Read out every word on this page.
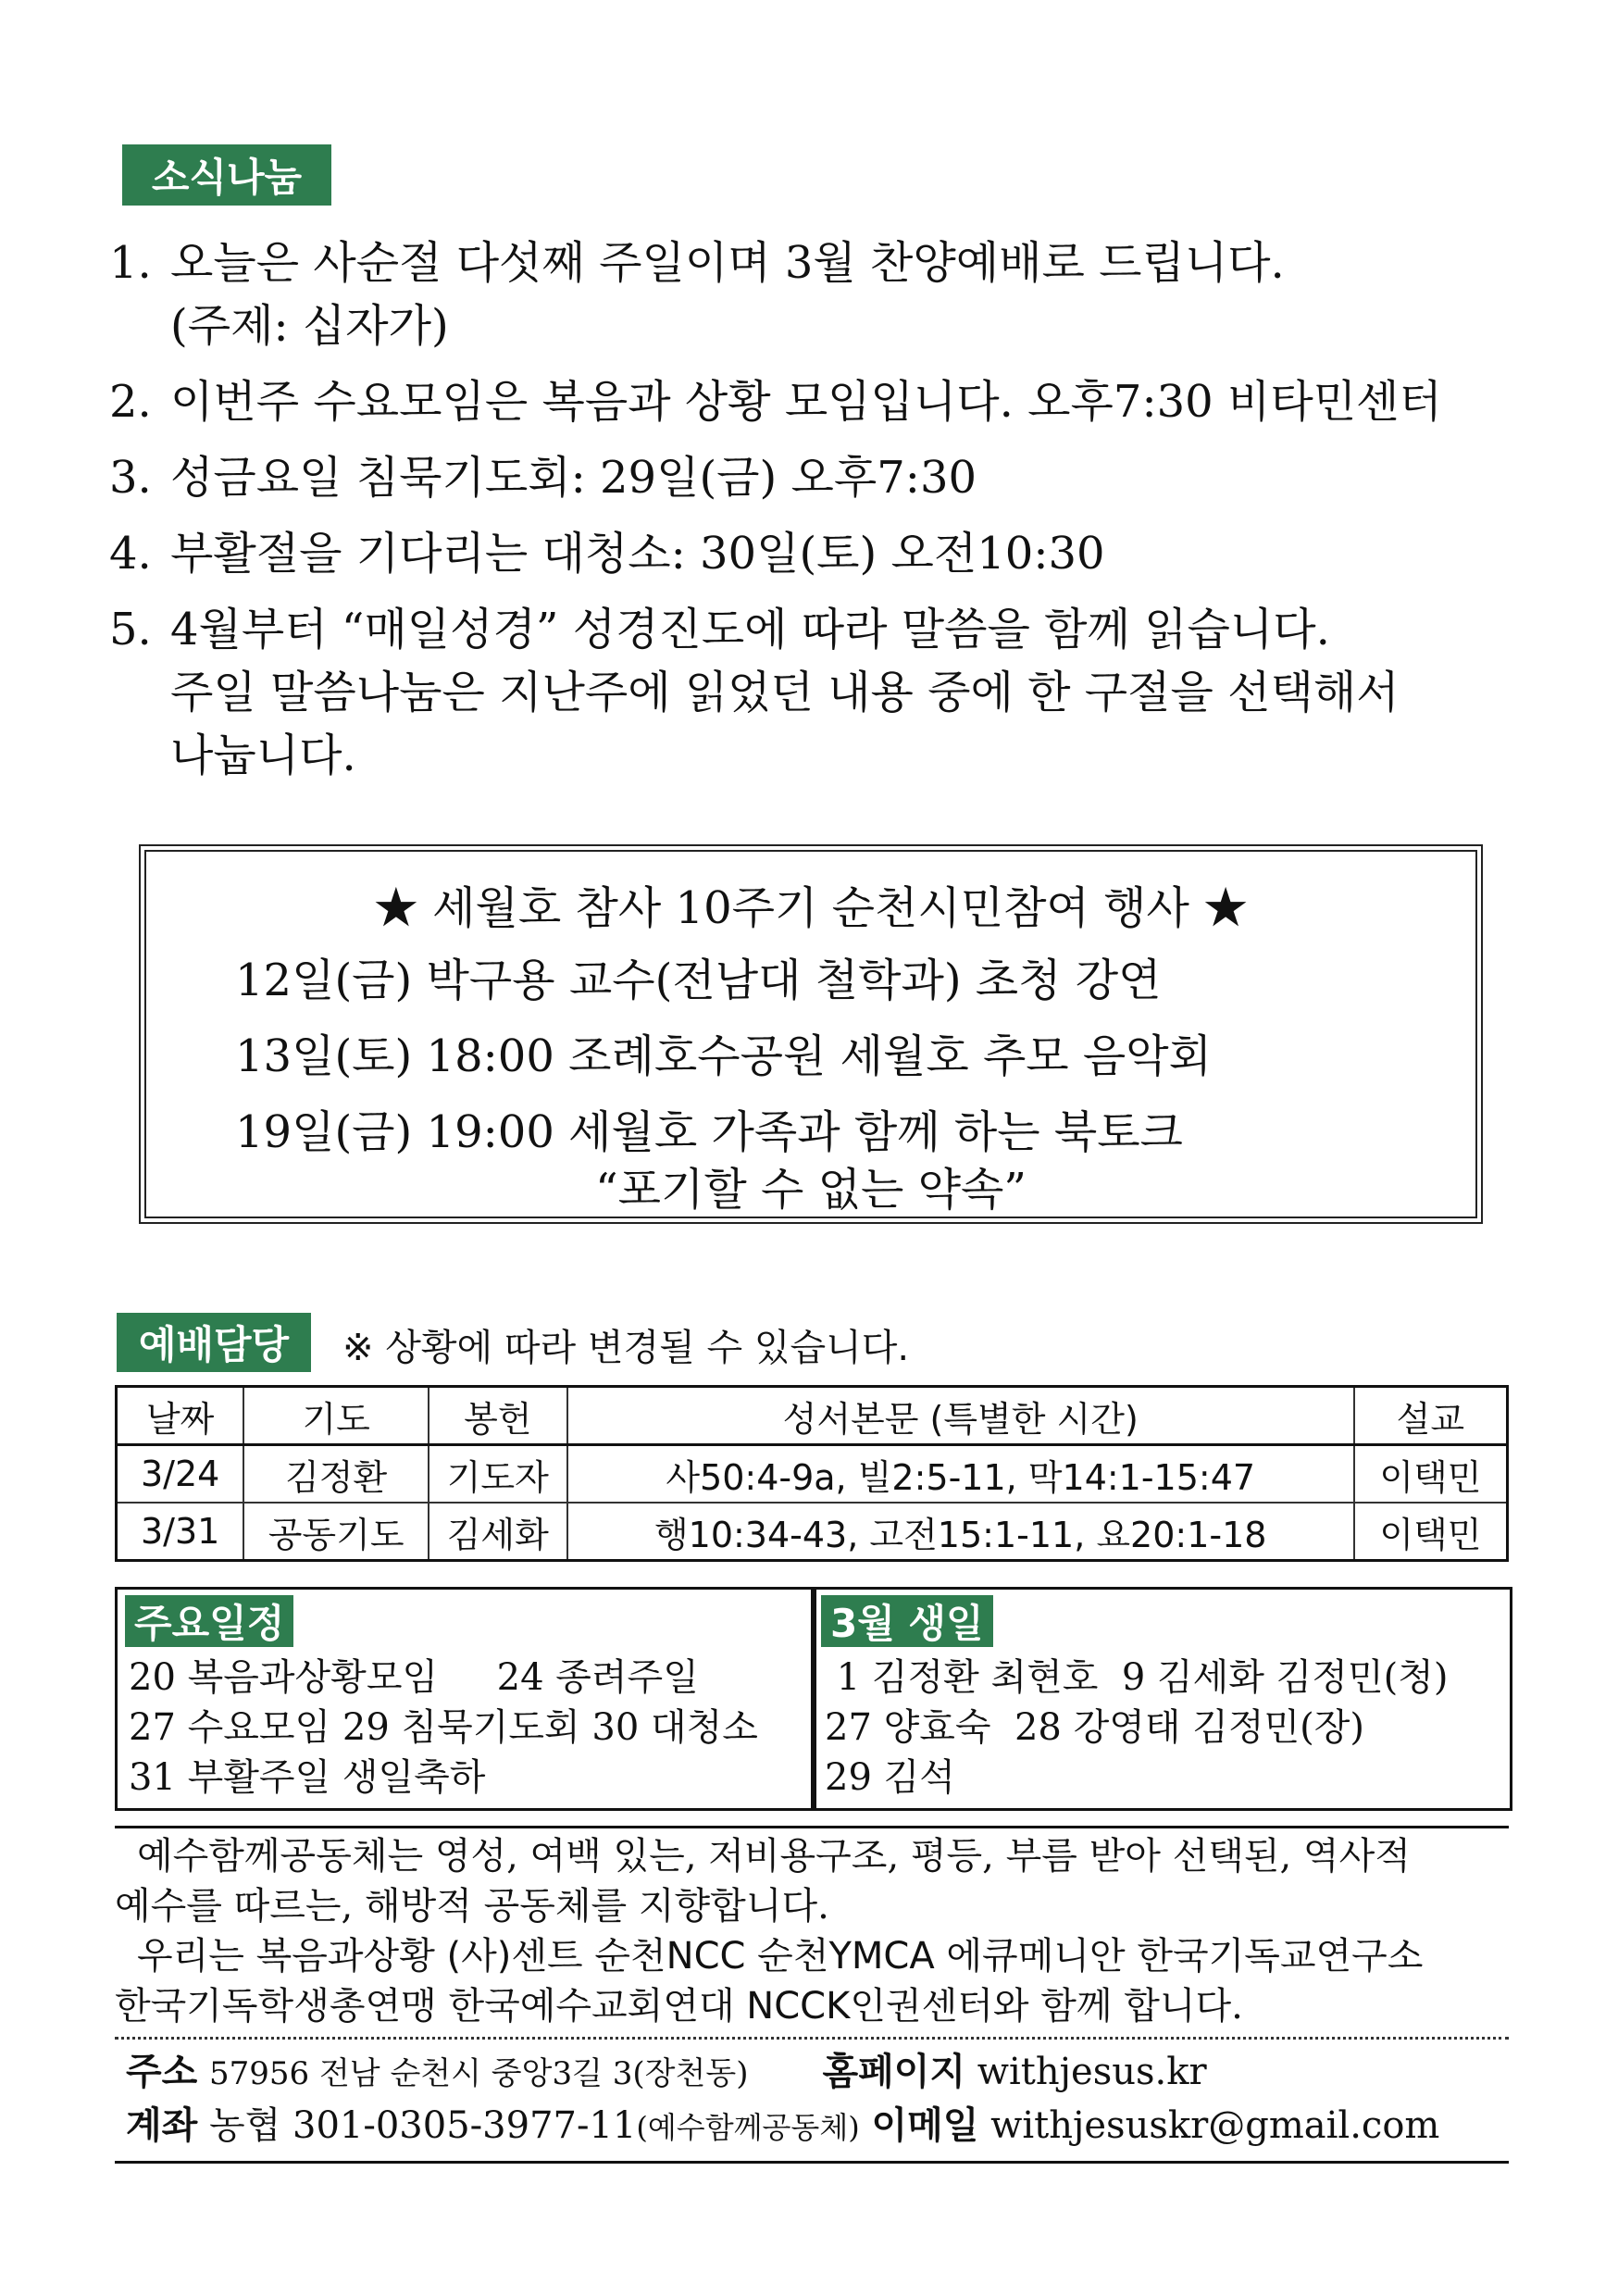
소식나눔
1. 오늘은 사순절 다섯째 주일이며 3월 찬양예배로 드립니다.
(주제: 십자가)
2. 이번주 수요모임은 복음과 상황 모임입니다. 오후7:30 비타민센터
3. 성금요일 침묵기도회: 29일(금) 오후7:30
4. 부활절을 기다리는 대청소: 30일(토) 오전10:30
5. 4월부터 “매일성경” 성경진도에 따라 말씀을 함께 읽습니다.
주일 말씀나눔은 지난주에 읽었던 내용 중에 한 구절을 선택해서
나눕니다.
★ 세월호 참사 10주기 순천시민참여 행사 ★
12일(금) 박구용 교수(전남대 철학과) 초청 강연
13일(토) 18:00 조례호수공원 세월호 추모 음악회
19일(금) 19:00 세월호 가족과 함께 하는 북토크
“포기할 수 없는 약속”
예배담당	※ 상황에 따라 변경될 수 있습니다.
날짜	기도	봉헌	성서본문 (특별한 시간)	설교
3/24	김정환	기도자	사50:4-9a, 빌2:5-11, 막14:1-15:47	이택민
3/31	공동기도	김세화	행10:34-43, 고전15:1-11, 요20:1-18	이택민
주요일정
20 복음과상황모임     24 종려주일
27 수요모임 29 침묵기도회 30 대청소
31 부활주일 생일축하
3월 생일
1 김정환 최현호  9 김세화 김정민(청)
27 양효숙  28 강영태 김정민(장)
29 김석

예수함께공동체는 영성, 여백 있는, 저비용구조, 평등, 부름 받아 선택된, 역사적

예수를 따르는, 해방적 공동체를 지향합니다.

우리는 복음과상황 (사)센트 순천NCC 순천YMCA 에큐메니안 한국기독교연구소

한국기독학생총연맹 한국예수교회연대 NCCK인권센터와 함께 합니다.

주소 57956 전남 순천시 중앙3길 3(장천동) 홈페이지 withjesus.kr
계좌 농협 301-0305-3977-11(예수함께공동체) 이메일 withjesuskr@gmail.com
